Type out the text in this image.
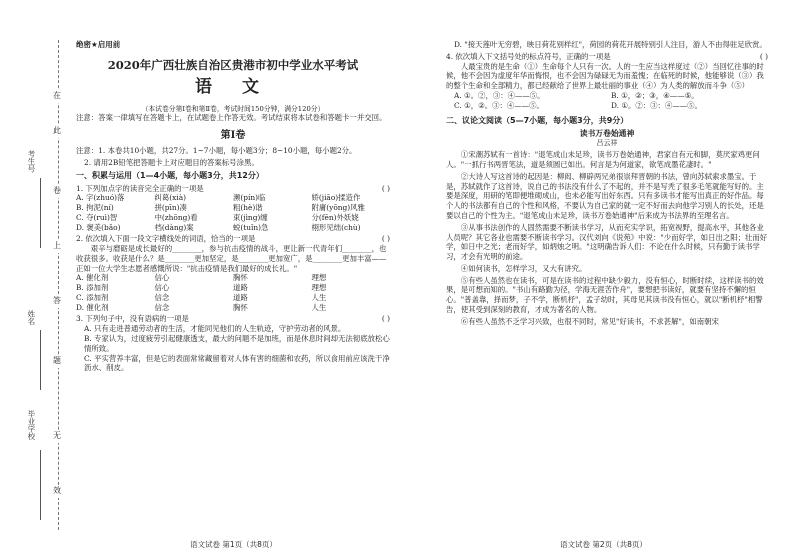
在
此
卷
上
答
题
无
效
考生号
姓名
毕业学校
绝密★启用前
2020年广西壮族自治区贵港市初中学业水平考试
语 文
（本试卷分第Ⅰ卷和第Ⅱ卷，考试时间150分钟，满分120分）
注意：答案一律填写在答题卡上，在试题卷上作答无效。考试结束将本试卷和答题卡一并交回。
第Ⅰ卷
注意：1. 本卷共10小题，共27分。1~7小题，每小题3分；8~10小题，每小题2分。
2. 请用2B铅笔把答题卡上对应题目的答案标号涂黑。
一、积累与运用（1—4小题，每小题3分，共12分）
1. 下列加点字的读音完全正确的一项是	( )
A. 字(zhuó)落	纠葛(xià)	濒(pín)临	娇(jiāo)揉造作
B. 拘泥(ní)	拼(pīn)凑	粗(hè)谐	附庸(yōng)风雅
C. 夺(ruì)智	中(zhōng)看	束(jìng)缠	分(fēn)外妖娆
D. 褒美(bǎo)	档(dàng)案	蜕(tuǐn)急	栩形见绌(chù)
2. 依次填入下面一段文字横线处的词语，恰当的一项是	( )
艰辛与磨砺是成长最好的________，参与抗击疫情的战斗，更让新一代青年们________，也收获很多。收获是什么？是________更加坚定，是________更加宽广，是________更加丰富——正如一位大学生志愿者感慨所说："抗击疫情是我们最好的成长礼。"
A. 催化剂	信心	胸怀	理想
B. 添加剂	信心	道路	理想
C. 添加剂	信念	道路	人生
D. 催化剂	信念	胸怀	人生
3. 下列句子中，没有语病的一项是	( )
A. 只有走进普通劳动者的生活，才能同见他们的人生轨迹，守护劳动者的风景。
B. 专家认为，过度疲劳引起健康透支，最大的问题不是加班，而是休息时间却无法彻底放松心情所致。
C. 平实营养丰富，但是它的表面常常藏留着对人体有害的细菌和农药，所以食用前应该洗干净沥水、削皮。
语文试卷 第1页（共8页）
D. "接天莲叶无穷碧，映日荷花别样红"，荷园的荷花开展特别引人注目，游人不由得驻足欣赏。
4. 依次填入下文括号处的标点符号，正确的一项是	( )
人最宝贵的是生命（①）生命每个人只有一次。人的一生应当这样度过（②）当回忆往事的时候，他不会因为虚度年华而悔恨，也不会因为碌碌无为而羞愧；在临死的时候，他能够说（③）我的整个生命和全部精力，都已经献给了世界上最壮丽的事业（④）为人类的解放而斗争（⑤）
A. ①。②，③：④——⑤。	B. ①，②；③，④——⑤。
C. ①，②。③：④——⑤。	D. ①。②：③：④——⑤。
二、议论文阅读（5—7小题，每小题3分，共9分）
读书万卷始通神
吕云祥
①宋潮苏轼有一首诗："退笔成山未足珍，读书万卷始通神，君家自有元和脚，莫厌家鸡更问人。"一抓行书两晋笔法，道是须圆已如出。何言是为何道家，欲笔成墨花凄时。"
②大诗人写这首诗的起因是：柳闳、柳辟两兄弟很崇拜晋朝的书法，曾向苏轼索求墨宝。于是，苏轼就作了这首诗，说自己的书法没有什么了不起的，并不是写秃了很多毛笔就能写好的。主要是深度，用研的笔即便堆砌成山，也未必能写出好东西。只有多读书才能写出真正的好作品。每个人的书法都有自己的个性和风格，不要认为自己家的就一定不好而去向他学习别人的长处，还是要以自己的个性为主。"退笔成山未足珍，读书万卷始通神"后来成为书法界的至理名言。
③从事书法创作的人固然需要不断读书学习，从而充实学识，拓宽视野，提高水平，其他各业人员呢？其它各业也需要不断读书学习。汉代刘向《说苑》中说："少而好学，如日出之阳；壮而好学，如日中之光；老而好学，如炳烛之明。"这明确告诉人们：不论在什么时候，只有勤于读书学习，才会有光明的前途。
④如何读书，怎样学习，又大有讲究。
⑤有些人虽然也在读书，可是在读书的过程中缺少毅力，没有恒心，时断时续，这样读书的效果，是可想而知的。"书山有路勤为径，学海无涯苦作舟"，要想把书读好，就要有坚持不懈的恒心。"普盖靠，择而梦，子不学，断机杼"，孟子幼时，其母见其读书没有恒心，就以"断机杼"相警告，使其受到深刻的教育，才成为著名的人物。
⑥有些人虽然不乏学习兴致，也很不同时，常见"好读书，不求甚解"，如南朝宋
语文试卷 第2页（共8页）
